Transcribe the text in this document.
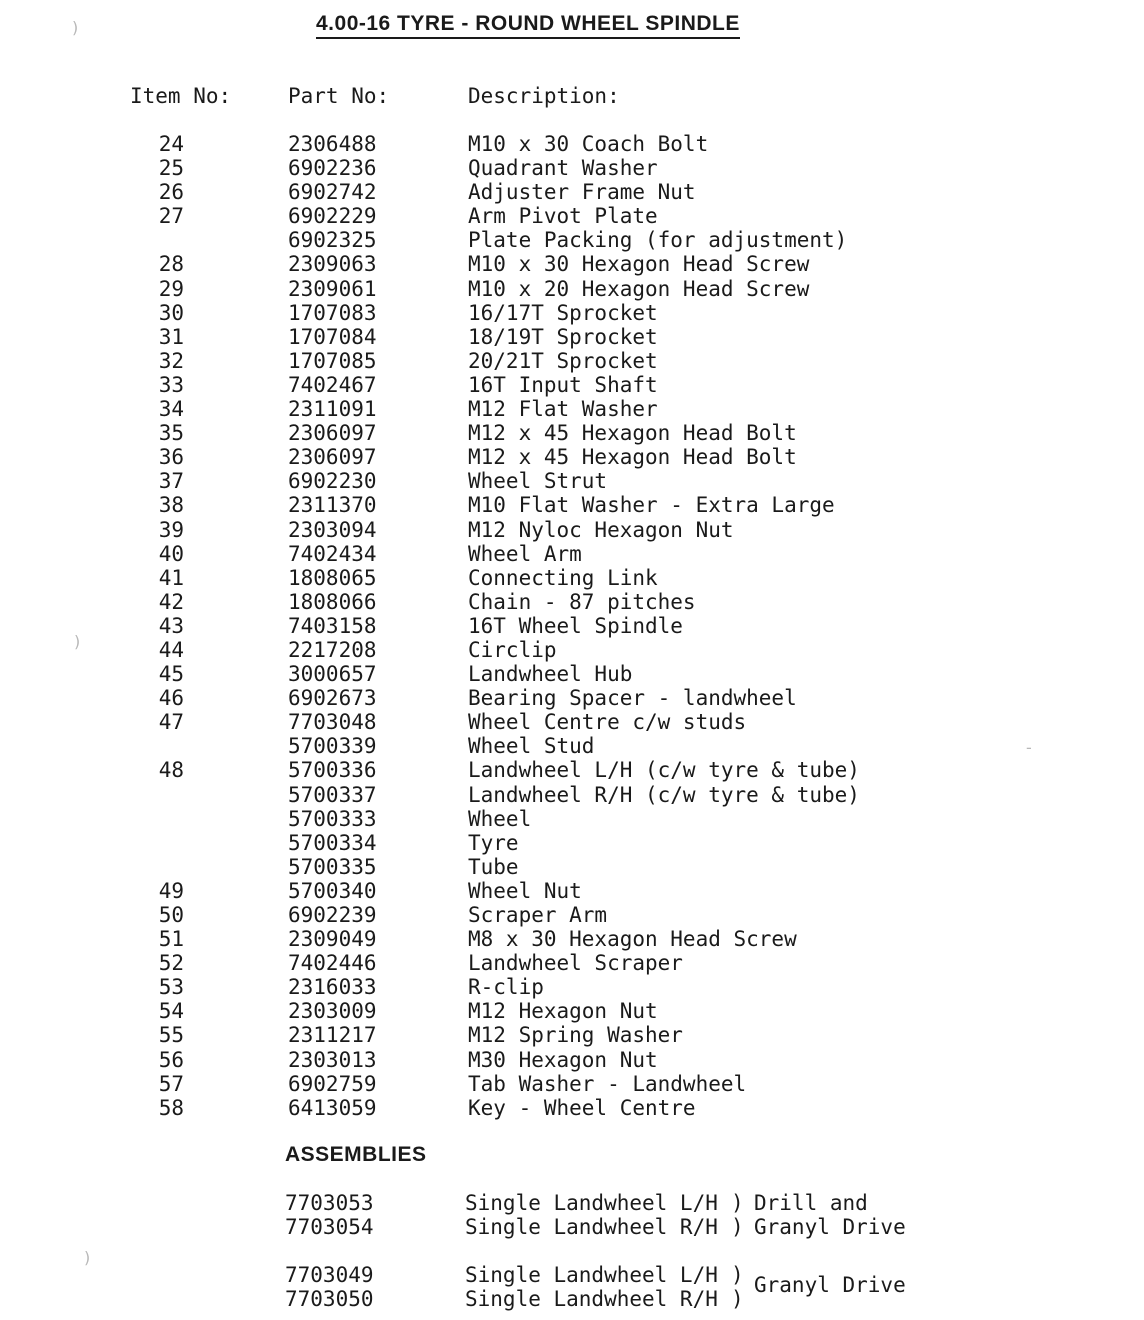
4.00-16 TYRE - ROUND WHEEL SPINDLE
Item No:	Part No:	Description:
24	2306488	M10 x 30 Coach Bolt
25	6902236	Quadrant Washer
26	6902742	Adjuster Frame Nut
27	6902229	Arm Pivot Plate
6902325	Plate Packing (for adjustment)
28	2309063	M10 x 30 Hexagon Head Screw
29	2309061	M10 x 20 Hexagon Head Screw
30	1707083	16/17T Sprocket
31	1707084	18/19T Sprocket
32	1707085	20/21T Sprocket
33	7402467	16T Input Shaft
34	2311091	M12 Flat Washer
35	2306097	M12 x 45 Hexagon Head Bolt
36	2306097	M12 x 45 Hexagon Head Bolt
37	6902230	Wheel Strut
38	2311370	M10 Flat Washer - Extra Large
39	2303094	M12 Nyloc Hexagon Nut
40	7402434	Wheel Arm
41	1808065	Connecting Link
42	1808066	Chain - 87 pitches
43	7403158	16T Wheel Spindle
44	2217208	Circlip
45	3000657	Landwheel Hub
46	6902673	Bearing Spacer - landwheel
47	7703048	Wheel Centre c/w studs
5700339	Wheel Stud
48	5700336	Landwheel L/H (c/w tyre & tube)
5700337	Landwheel R/H (c/w tyre & tube)
5700333	Wheel
5700334	Tyre
5700335	Tube
49	5700340	Wheel Nut
50	6902239	Scraper Arm
51	2309049	M8 x 30 Hexagon Head Screw
52	7402446	Landwheel Scraper
53	2316033	R-clip
54	2303009	M12 Hexagon Nut
55	2311217	M12 Spring Washer
56	2303013	M30 Hexagon Nut
57	6902759	Tab Washer - Landwheel
58	6413059	Key - Wheel Centre
ASSEMBLIES
7703053	Single Landwheel L/H ) Drill and
7703054	Single Landwheel R/H ) Granyl Drive
7703049	Single Landwheel L/H ) Granyl Drive
7703050	Single Landwheel R/H )
)
)
-
)
